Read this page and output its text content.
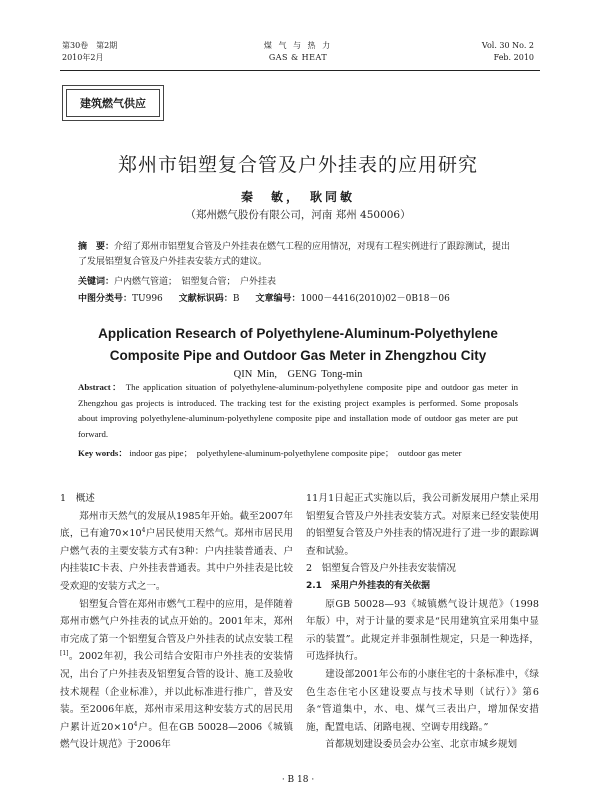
第30卷　第2期
2010年2月
煤 气 与 热 力
GAS & HEAT
Vol. 30 No. 2
Feb. 2010
建筑燃气供应
郑州市铝塑复合管及户外挂表的应用研究
秦　敏，　耿同敏
（郑州燃气股份有限公司，河南 郑州 450006）
摘　要：介绍了郑州市铝塑复合管及户外挂表在燃气工程的应用情况，对现有工程实例进行了跟踪测试，提出了发展铝塑复合管及户外挂表安装方式的建议。
关键词：户内燃气管道；　铝塑复合管；　户外挂表
中图分类号：TU996 文献标识码：B 文章编号：1000－4416(2010)02－0B18－06
Application Research of Polyethylene-Aluminum-Polyethylene
Composite Pipe and Outdoor Gas Meter in Zhengzhou City
QIN Min,　GENG Tong-min
Abstract： The application situation of polyethylene-aluminum-polyethylene composite pipe and outdoor gas meter in Zhengzhou gas projects is introduced. The tracking test for the existing project examples is performed. Some proposals about improving polyethylene-aluminum-polyethylene composite pipe and installation mode of outdoor gas meter are put forward.
Key words： indoor gas pipe；　polyethylene-aluminum-polyethylene composite pipe；　outdoor gas meter
1　概述

郑州市天然气的发展从1985年开始。截至2007年底，已有逾$70\times 10^4$户居民使用天然气。郑州市居民用户燃气表的主要安装方式有3种：户内挂装普通表、户内挂装IC卡表、户外挂表普通表。其中户外挂表是比较受欢迎的安装方式之一。

铝塑复合管在郑州市燃气工程中的应用，是伴随着郑州市燃气户外挂表的试点开始的。2001年末，郑州市完成了第一个铝塑复合管及户外挂表的试点安装工程[1]。2002年初，我公司结合安阳市户外挂表的安装情况，出台了户外挂表及铝塑复合管的设计、施工及验收技术规程（企业标准），并以此标准进行推广，普及安装。至2006年底，郑州市采用这种安装方式的居民用户累计近$20\times 10^4$户。但在GB 50028—2006《城镇燃气设计规范》于2006年

11月1日起正式实施以后，我公司新发展用户禁止采用铝塑复合管及户外挂表安装方式。对原来已经安装使用的铝塑复合管及户外挂表的情况进行了进一步的跟踪调查和试验。

2　铝塑复合管及户外挂表安装情况
2.1　采用户外挂表的有关依据

原GB 50028—93《城镇燃气设计规范》（1998年版）中，对于计量的要求是“民用建筑宜采用集中显示的装置”。此规定并非强制性规定，只是一种选择，可选择执行。

建设部2001年公布的小康住宅的十条标准中，《绿色生态住宅小区建设要点与技术导则（试行）》第6条“管道集中，水、电、煤气三表出户，增加保安措施，配置电话、闭路电视、空调专用线路。”

首都规划建设委员会办公室、北京市城乡规划

· B 18 ·
